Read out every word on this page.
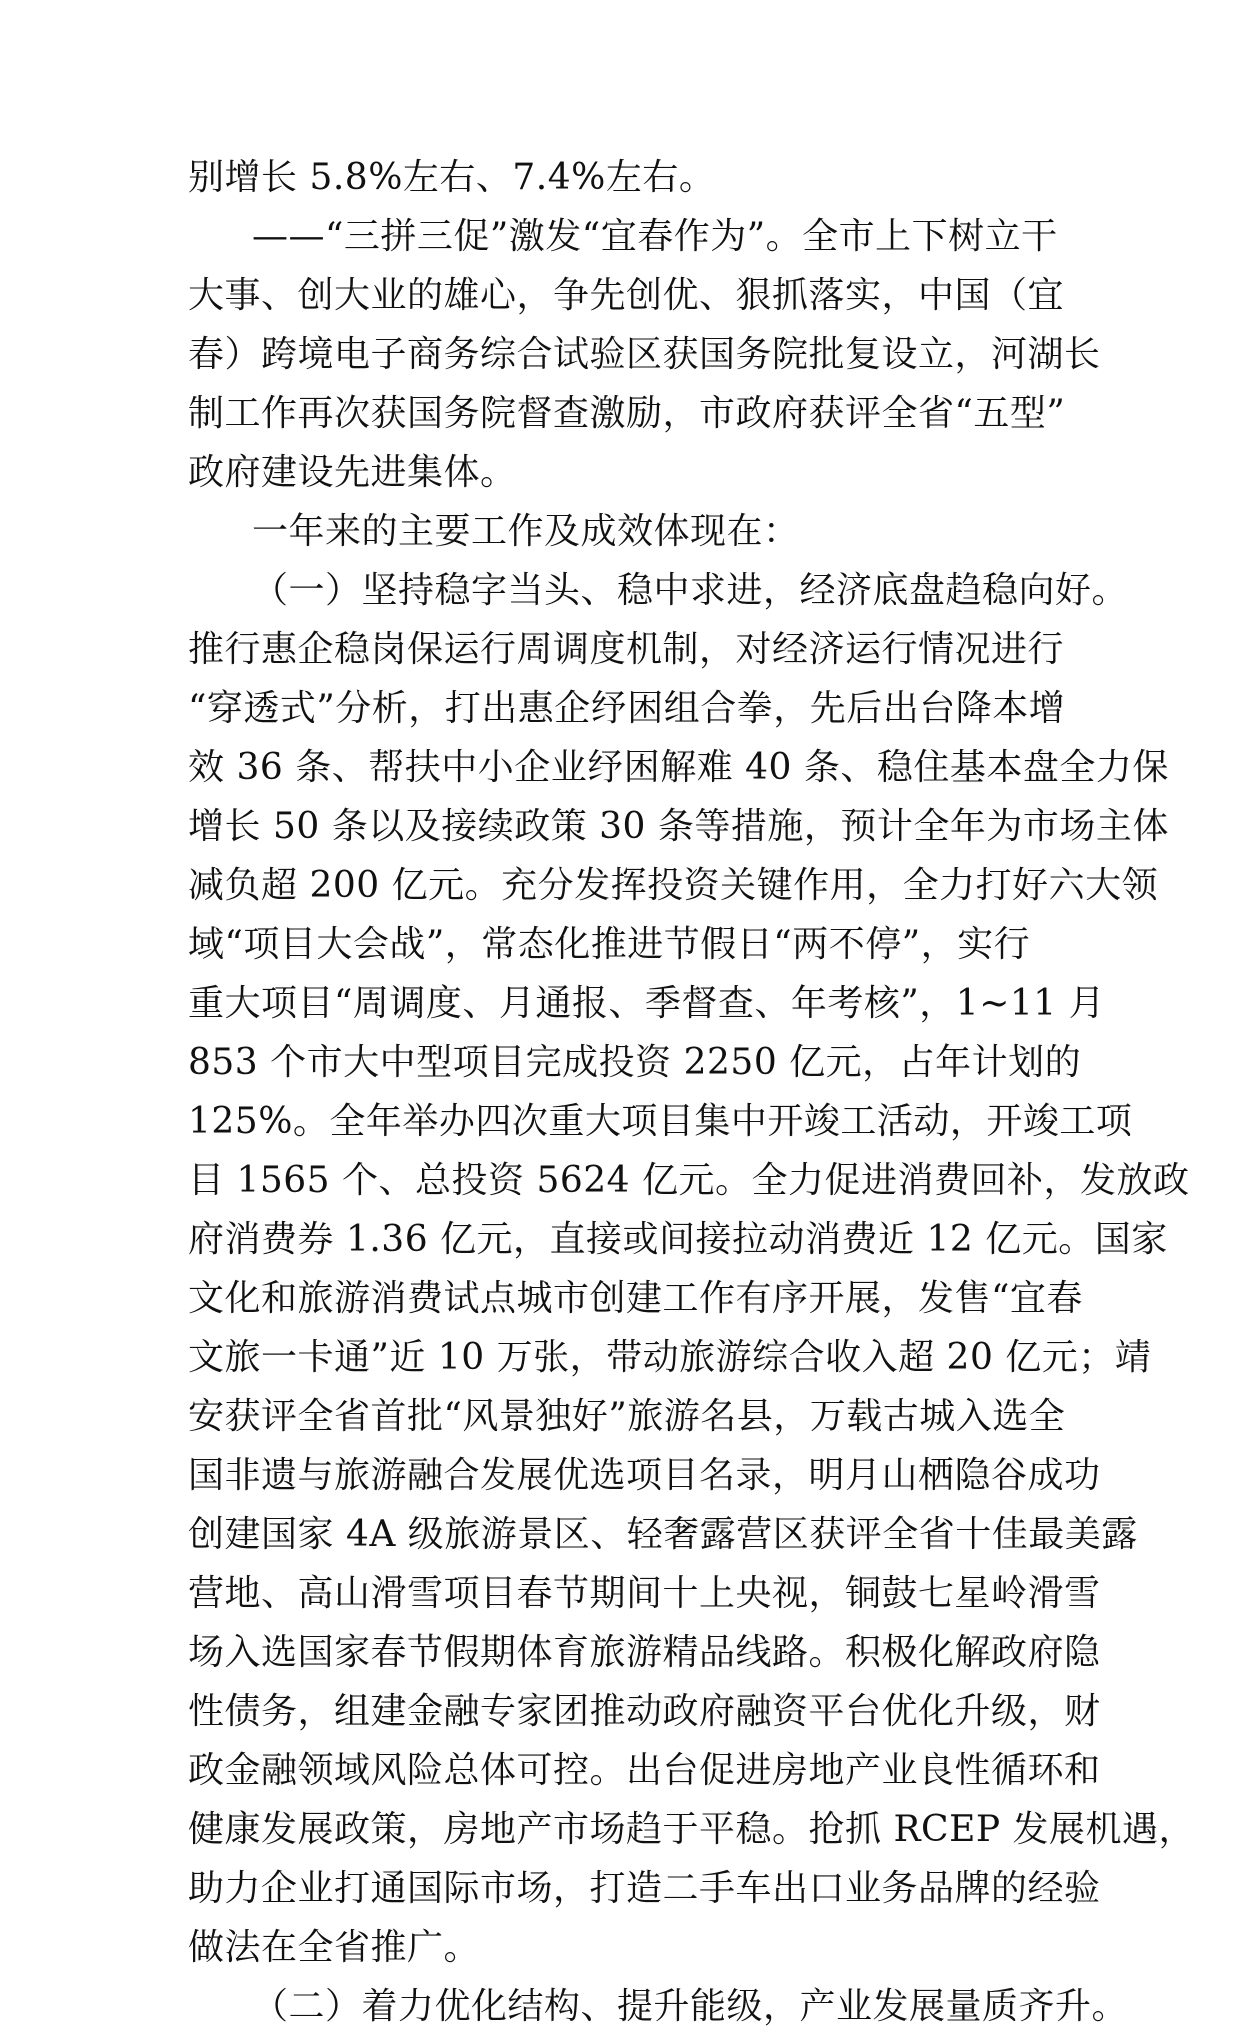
别增长 5.8%左右、7.4%左右。
——“三拼三促”激发“宜春作为”。全市上下树立干
大事、创大业的雄心，争先创优、狠抓落实，中国（宜
春）跨境电子商务综合试验区获国务院批复设立，河湖长
制工作再次获国务院督查激励，市政府获评全省“五型”
政府建设先进集体。
一年来的主要工作及成效体现在：
（一）坚持稳字当头、稳中求进，经济底盘趋稳向好。
推行惠企稳岗保运行周调度机制，对经济运行情况进行
“穿透式”分析，打出惠企纾困组合拳，先后出台降本增
效 36 条、帮扶中小企业纾困解难 40 条、稳住基本盘全力保
增长 50 条以及接续政策 30 条等措施，预计全年为市场主体
减负超 200 亿元。充分发挥投资关键作用，全力打好六大领
域“项目大会战”，常态化推进节假日“两不停”，实行
重大项目“周调度、月通报、季督查、年考核”，1~11 月
853 个市大中型项目完成投资 2250 亿元，占年计划的
125%。全年举办四次重大项目集中开竣工活动，开竣工项
目 1565 个、总投资 5624 亿元。全力促进消费回补，发放政
府消费券 1.36 亿元，直接或间接拉动消费近 12 亿元。国家
文化和旅游消费试点城市创建工作有序开展，发售“宜春
文旅一卡通”近 10 万张，带动旅游综合收入超 20 亿元；靖
安获评全省首批“风景独好”旅游名县，万载古城入选全
国非遗与旅游融合发展优选项目名录，明月山栖隐谷成功
创建国家 4A 级旅游景区、轻奢露营区获评全省十佳最美露
营地、高山滑雪项目春节期间十上央视，铜鼓七星岭滑雪
场入选国家春节假期体育旅游精品线路。积极化解政府隐
性债务，组建金融专家团推动政府融资平台优化升级，财
政金融领域风险总体可控。出台促进房地产业良性循环和
健康发展政策，房地产市场趋于平稳。抢抓 RCEP 发展机遇，
助力企业打通国际市场，打造二手车出口业务品牌的经验
做法在全省推广。
（二）着力优化结构、提升能级，产业发展量质齐升。
